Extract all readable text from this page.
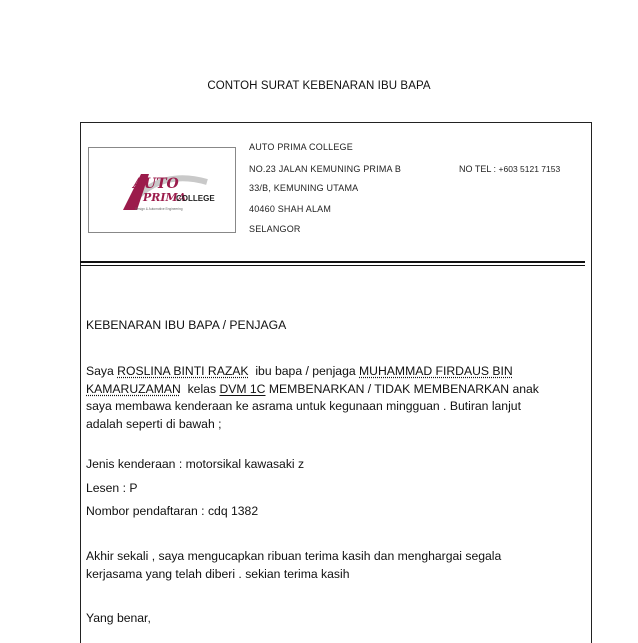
CONTOH SURAT KEBENARAN IBU BAPA
AUTO
PRIMA
COLLEGE
Design & Automotive Engineering
AUTO PRIMA COLLEGE
NO.23 JALAN KEMUNING PRIMA B
33/B, KEMUNING UTAMA
40460 SHAH ALAM
SELANGOR
NO TEL : +603 5121 7153
KEBENARAN IBU BAPA / PENJAGA
Saya ROSLINA BINTI RAZAK  ibu bapa / penjaga MUHAMMAD FIRDAUS BIN
KAMARUZAMAN  kelas DVM 1C MEMBENARKAN / TIDAK MEMBENARKAN anak
saya membawa kenderaan ke asrama untuk kegunaan mingguan . Butiran lanjut
adalah seperti di bawah ;
Jenis kenderaan : motorsikal kawasaki z
Lesen : P
Nombor pendaftaran : cdq 1382
Akhir sekali , saya mengucapkan ribuan terima kasih dan menghargai segala
kerjasama yang telah diberi . sekian terima kasih
Yang benar,
